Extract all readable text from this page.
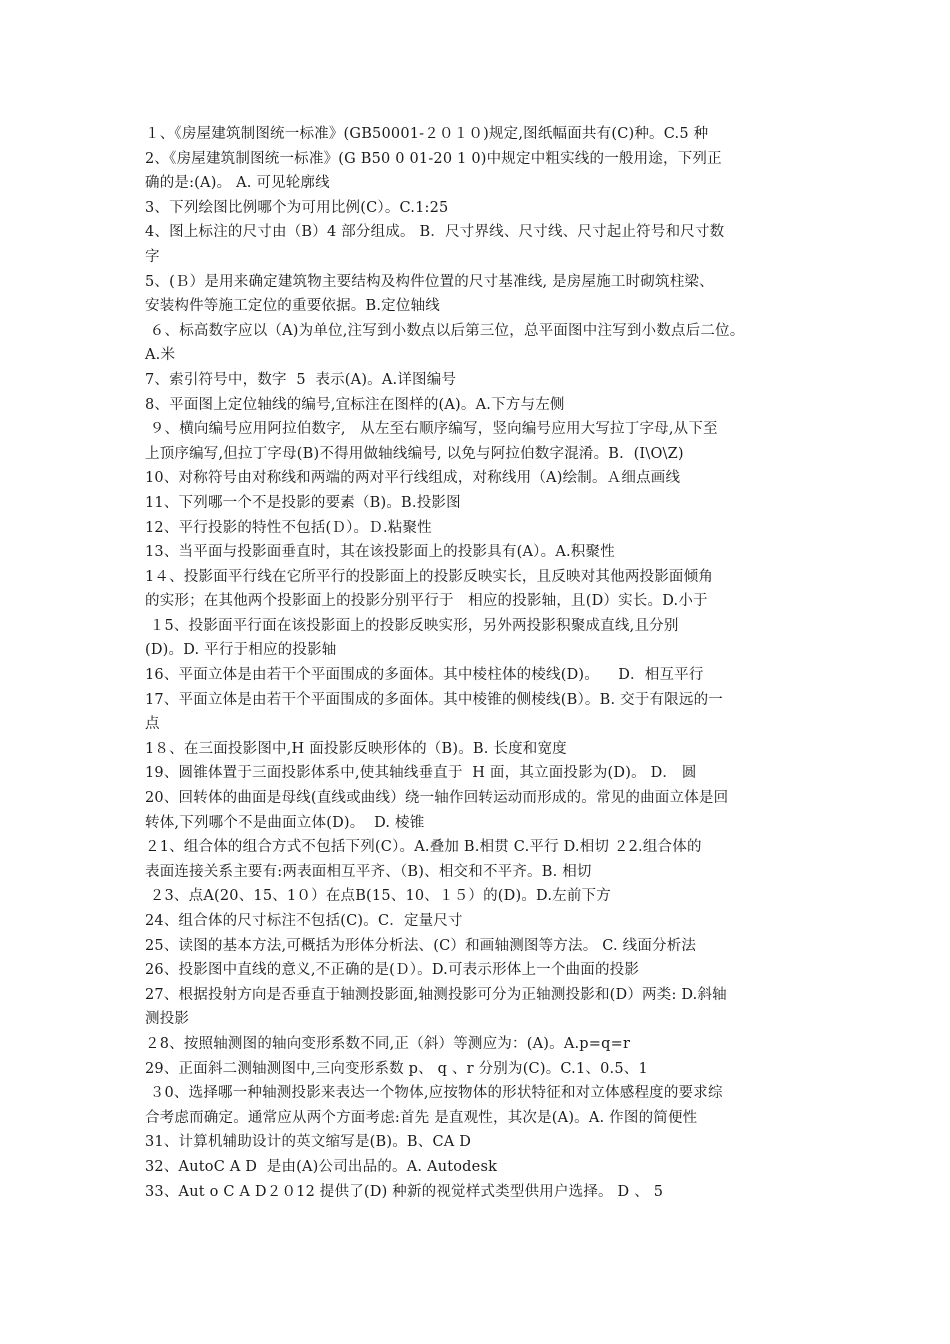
１、《房屋建筑制图统一标准》(GB50001-２０１０)规定,图纸幅面共有(C)种。C.5 种
2、《房屋建筑制图统一标准》(G B50 0 01-20 1 0)中规定中粗实线的一般用途，下列正
确的是:(A)。 A. 可见轮廓线
3、下列绘图比例哪个为可用比例(C）。C.1:25
4、图上标注的尺寸由（B）4 部分组成。 B．尺寸界线、尺寸线、尺寸起止符号和尺寸数
字
5、(Ｂ）是用来确定建筑物主要结构及构件位置的尺寸基准线, 是房屋施工时砌筑柱梁、
安装构件等施工定位的重要依据。B.定位轴线
６、标高数字应以（A)为单位,注写到小数点以后第三位，总平面图中注写到小数点后二位。
A.米
7、索引符号中，数字  5  表示(A)。A.详图编号
8、平面图上定位轴线的编号,宜标注在图样的(A)。A.下方与左侧
９、横向编号应用阿拉伯数字,   从左至右顺序编写，竖向编号应用大写拉丁字母,从下至
上顶序编写,但拉丁字母(B)不得用做轴线编号, 以免与阿拉伯数字混淆。B.  (I\O\Z)
10、对称符号由对称线和两端的两对平行线组成，对称线用（A)绘制。Ａ细点画线
11、下列哪一个不是投影的要素（B)。B.投影图
12、平行投影的特性不包括(Ｄ）。Ｄ.粘聚性
13、当平面与投影面垂直时，其在该投影面上的投影具有(A）。A.积聚性
1４、投影面平行线在它所平行的投影面上的投影反映实长，且反映对其他两投影面倾角
的实形；在其他两个投影面上的投影分别平行于   相应的投影轴，且(D）实长。D.小于
１5、投影面平行面在该投影面上的投影反映实形，另外两投影积聚成直线,且分别
(D)。D. 平行于相应的投影轴
16、平面立体是由若干个平面围成的多面体。其中棱柱体的棱线(D)。    D．相互平行
17、平面立体是由若干个平面围成的多面体。其中棱锥的侧棱线(B）。B. 交于有限远的一
点
1８、在三面投影图中,H 面投影反映形体的（B)。B. 长度和宽度
19、圆锥体置于三面投影体系中,使其轴线垂直于  H 面，其立面投影为(D)。 D． 圆
20、回转体的曲面是母线(直线或曲线）绕一轴作回转运动而形成的。常见的曲面立体是回
转体,下列哪个不是曲面立体(D)。  D. 棱锥
２1、组合体的组合方式不包括下列(C）。A.叠加 B.相贯 C.平行 D.相切 ２2.组合体的
表面连接关系主要有:两表面相互平齐、（B)、相交和不平齐。B. 相切
２3、点A(20、15、1０）在点B(15、10、１５）的(D)。D.左前下方
24、组合体的尺寸标注不包括(C)。C．定量尺寸
25、读图的基本方法,可概括为形体分析法、(C）和画轴测图等方法。 C. 线面分析法
26、投影图中直线的意义,不正确的是(Ｄ）。D.可表示形体上一个曲面的投影
27、根据投射方向是否垂直于轴测投影面,轴测投影可分为正轴测投影和(D）两类: D.斜轴
测投影
２8、按照轴测图的轴向变形系数不同,正（斜）等测应为：(A)。A.p=q=r
29、正面斜二测轴测图中,三向变形系数 p、 q 、r 分别为(C)。C.1、0.5、1
３0、选择哪一种轴测投影来表达一个物体,应按物体的形状特征和对立体感程度的要求综
合考虑而确定。通常应从两个方面考虑:首先 是直观性，其次是(A)。A. 作图的简便性
31、计算机辅助设计的英文缩写是(B)。B、CA D
32、AutoC A D  是由(A)公司出品的。A. Autodesk
33、Aut o C A D２０12 提供了(D) 种新的视觉样式类型供用户选择。 D 、 5
